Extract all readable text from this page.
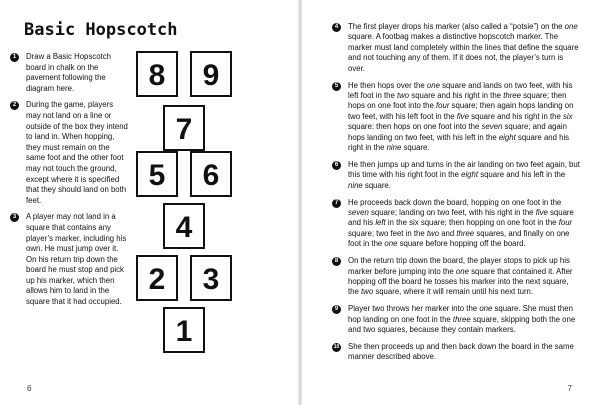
Basic Hopscotch
1	Draw a Basic Hopscotch board in chalk on the pavement following the diagram here.
2	During the game, players may not land on a line or outside of the box they intend to land in. When hopping, they must remain on the same foot and the other foot may not touch the ground, except where it is specified that they should land on both feet.
3	A player may not land in a square that contains any player’s marker, including his own. He must jump over it. On his return trip down the board he must stop and pick up his marker, which then allows him to land in the square that it had occupied.
8 9
7
5 6
4
2 3
1
6
4	The first player drops his marker (also called a “potsie”) on the one square. A footbag makes a distinctive hopscotch marker. The marker must land completely within the lines that define the square and not touching any of them. If it does not, the player’s turn is over.
5	He then hops over the one square and lands on two feet, with his left foot in the two square and his right in the three square; then hops on one foot into the four square; then again hops landing on two feet, with his left foot in the five square and his right in the six square: then hops on one foot into the seven square; and again hops landing on two feet, with his left in the eight square and his right in the nine square.
6	He then jumps up and turns in the air landing on two feet again, but this time with his right foot in the eight square and his left in the nine square.
7	He proceeds back down the board, hopping on one foot in the seven square; landing on two feet, with his right in the five square and his left in the six square; then hopping on one foot in the four square; two feet in the two and three squares, and finally on one foot in the one square before hopping off the board.
8	On the return trip down the board, the player stops to pick up his marker before jumping into the one square that contained it. After hopping off the board he tosses his marker into the next square, the two square, where it will remain until his next turn.
9	Player two throws her marker into the one square. She must then hop landing on one foot in the three square, skipping both the one and two squares, because they contain markers.
10 She then proceeds up and then back down the board in the same manner described above.
7
